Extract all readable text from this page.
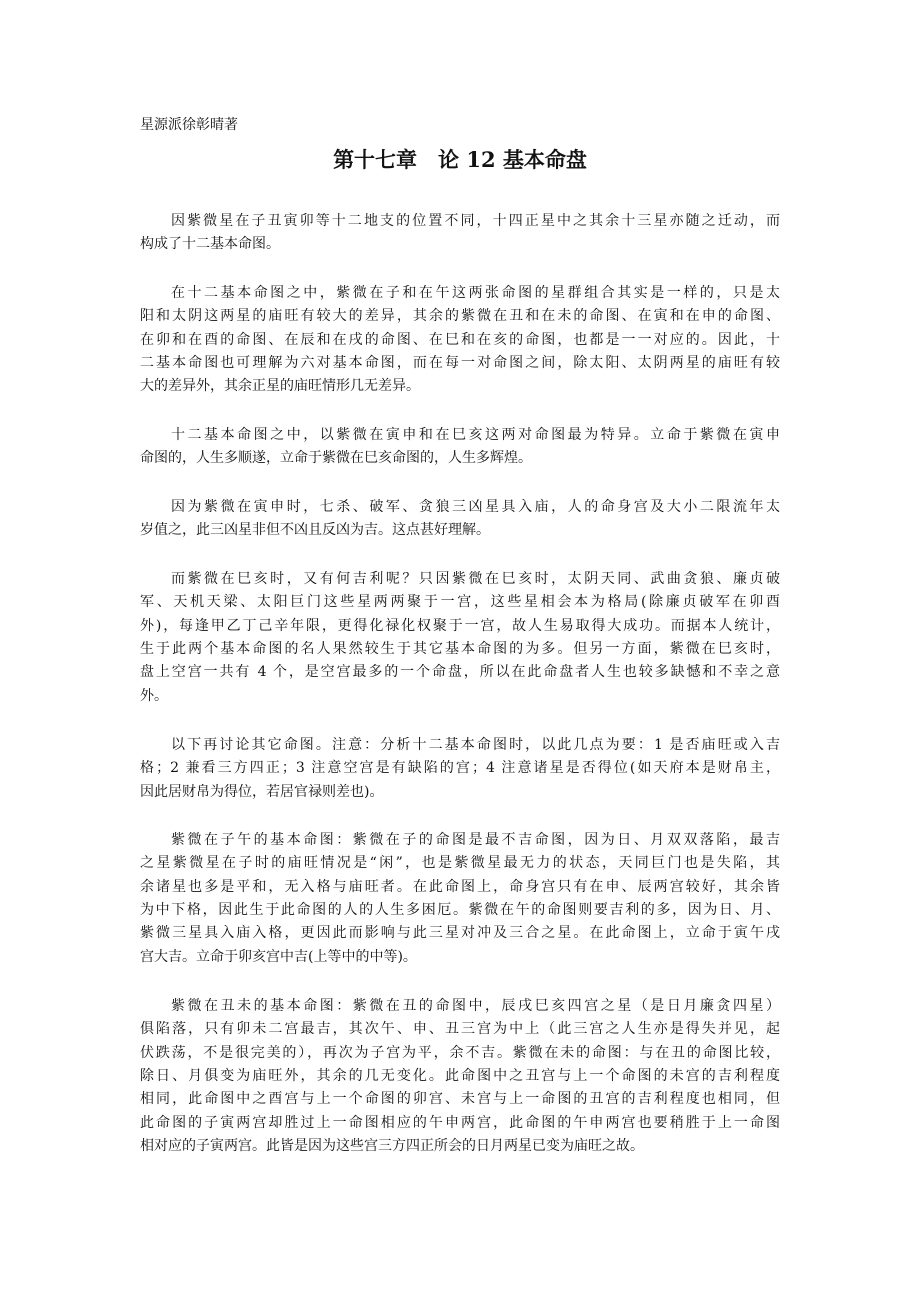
星源派徐彰晴著
第十七章　论 12 基本命盘
因紫微星在子丑寅卯等十二地支的位置不同，十四正星中之其余十三星亦随之迁动，而
构成了十二基本命图。
在十二基本命图之中，紫微在子和在午这两张命图的星群组合其实是一样的，只是太
阳和太阴这两星的庙旺有较大的差异，其余的紫微在丑和在未的命图、在寅和在申的命图、
在卯和在酉的命图、在辰和在戌的命图、在巳和在亥的命图，也都是一一对应的。因此，十
二基本命图也可理解为六对基本命图，而在每一对命图之间，除太阳、太阴两星的庙旺有较
大的差异外，其余正星的庙旺情形几无差异。
十二基本命图之中，以紫微在寅申和在巳亥这两对命图最为特异。立命于紫微在寅申
命图的，人生多顺遂，立命于紫微在巳亥命图的，人生多辉煌。
因为紫微在寅申时，七杀、破军、贪狼三凶星具入庙，人的命身宫及大小二限流年太
岁值之，此三凶星非但不凶且反凶为吉。这点甚好理解。
而紫微在巳亥时，又有何吉利呢？只因紫微在巳亥时，太阴天同、武曲贪狼、廉贞破
军、天机天梁、太阳巨门这些星两两聚于一宫，这些星相会本为格局(除廉贞破军在卯酉
外)，每逢甲乙丁己辛年限，更得化禄化权聚于一宫，故人生易取得大成功。而据本人统计，
生于此两个基本命图的名人果然较生于其它基本命图的为多。但另一方面，紫微在巳亥时，
盘上空宫一共有 4 个，是空宫最多的一个命盘，所以在此命盘者人生也较多缺憾和不幸之意
外。
以下再讨论其它命图。注意：分析十二基本命图时，以此几点为要：1 是否庙旺或入吉
格；2 兼看三方四正；3 注意空宫是有缺陷的宫；4 注意诸星是否得位(如天府本是财帛主，
因此居财帛为得位，若居官禄则差也)。
紫微在子午的基本命图：紫微在子的命图是最不吉命图，因为日、月双双落陷，最吉
之星紫微星在子时的庙旺情况是“闲”，也是紫微星最无力的状态，天同巨门也是失陷，其
余诸星也多是平和，无入格与庙旺者。在此命图上，命身宫只有在申、辰两宫较好，其余皆
为中下格，因此生于此命图的人的人生多困厄。紫微在午的命图则要吉利的多，因为日、月、
紫微三星具入庙入格，更因此而影响与此三星对冲及三合之星。在此命图上，立命于寅午戌
宫大吉。立命于卯亥宫中吉(上等中的中等)。
紫微在丑未的基本命图：紫微在丑的命图中，辰戌巳亥四宫之星（是日月廉贪四星）
俱陷落，只有卯未二宫最吉，其次午、申、丑三宫为中上（此三宫之人生亦是得失并见，起
伏跌荡，不是很完美的），再次为子宫为平，余不吉。紫微在未的命图：与在丑的命图比较，
除日、月俱变为庙旺外，其余的几无变化。此命图中之丑宫与上一个命图的未宫的吉利程度
相同，此命图中之酉宫与上一个命图的卯宫、未宫与上一命图的丑宫的吉利程度也相同，但
此命图的子寅两宫却胜过上一命图相应的午申两宫，此命图的午申两宫也要稍胜于上一命图
相对应的子寅两宫。此皆是因为这些宫三方四正所会的日月两星已变为庙旺之故。
